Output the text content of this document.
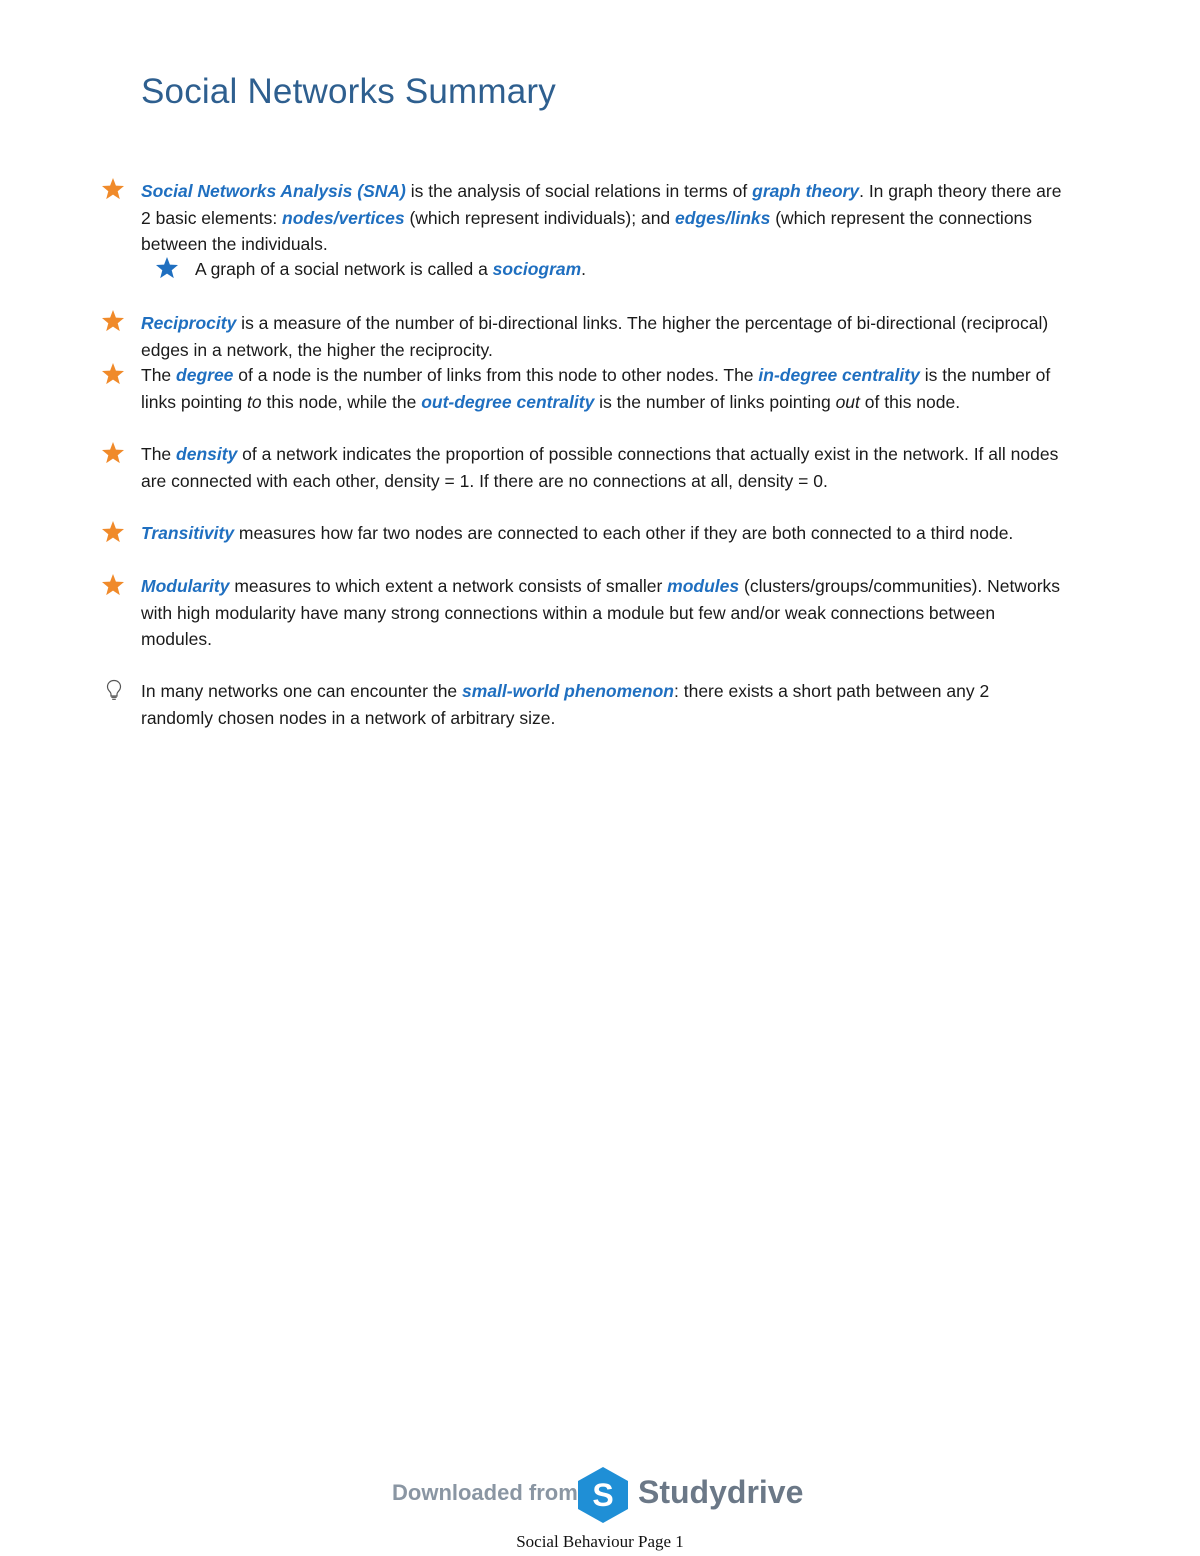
Social Networks Summary

Social Networks Analysis (SNA) is the analysis of social relations in terms of graph theory. In graph theory there are 2 basic elements: nodes/vertices (which represent individuals); and edges/links (which represent the connections between the individuals.

A graph of a social network is called a sociogram.

Reciprocity is a measure of the number of bi-directional links. The higher the percentage of bi-directional (reciprocal) edges in a network, the higher the reciprocity.

The degree of a node is the number of links from this node to other nodes. The in-degree centrality is the number of links pointing to this node, while the out-degree centrality is the number of links pointing out of this node.

The density of a network indicates the proportion of possible connections that actually exist in the network. If all nodes are connected with each other, density = 1. If there are no connections at all, density = 0.

Transitivity measures how far two nodes are connected to each other if they are both connected to a third node.

Modularity measures to which extent a network consists of smaller modules (clusters/groups/communities). Networks with high modularity have many strong connections within a module but few and/or weak connections between modules.

In many networks one can encounter the small-world phenomenon: there exists a short path between any 2 randomly chosen nodes in a network of arbitrary size.

Downloaded from S Studydrive
Social Behaviour Page 1
